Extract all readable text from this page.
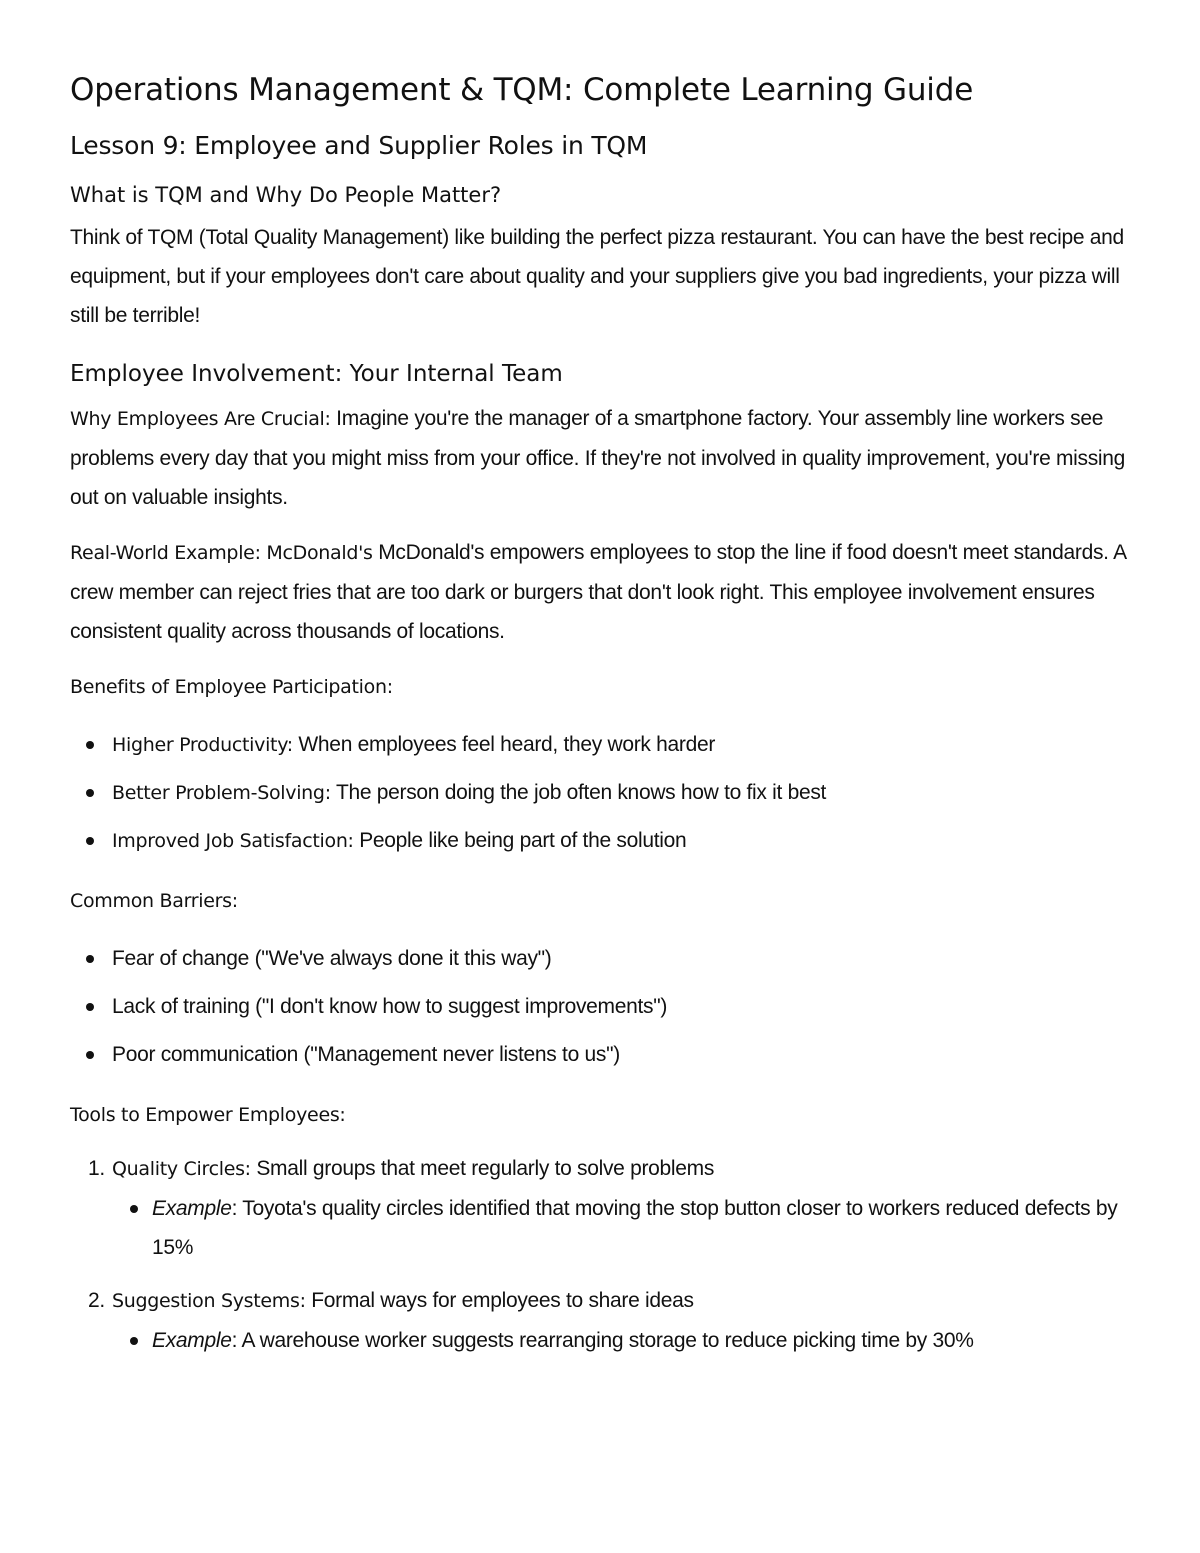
Operations Management & TQM: Complete Learning Guide
Lesson 9: Employee and Supplier Roles in TQM
What is TQM and Why Do People Matter?

Think of TQM (Total Quality Management) like building the perfect pizza restaurant. You can have the best recipe and equipment, but if your employees don't care about quality and your suppliers give you bad ingredients, your pizza will still be terrible!

Employee Involvement: Your Internal Team

Why Employees Are Crucial: Imagine you're the manager of a smartphone factory. Your assembly line workers see problems every day that you might miss from your office. If they're not involved in quality improvement, you're missing out on valuable insights.

Real-World Example: McDonald's McDonald's empowers employees to stop the line if food doesn't meet standards. A crew member can reject fries that are too dark or burgers that don't look right. This employee involvement ensures consistent quality across thousands of locations.

Benefits of Employee Participation:

Higher Productivity: When employees feel heard, they work harder
Better Problem-Solving: The person doing the job often knows how to fix it best
Improved Job Satisfaction: People like being part of the solution

Common Barriers:

Fear of change ("We've always done it this way")
Lack of training ("I don't know how to suggest improvements")
Poor communication ("Management never listens to us")

Tools to Empower Employees:

1. Quality Circles: Small groups that meet regularly to solve problems
Example: Toyota's quality circles identified that moving the stop button closer to workers reduced defects by 15%
2. Suggestion Systems: Formal ways for employees to share ideas
Example: A warehouse worker suggests rearranging storage to reduce picking time by 30%
